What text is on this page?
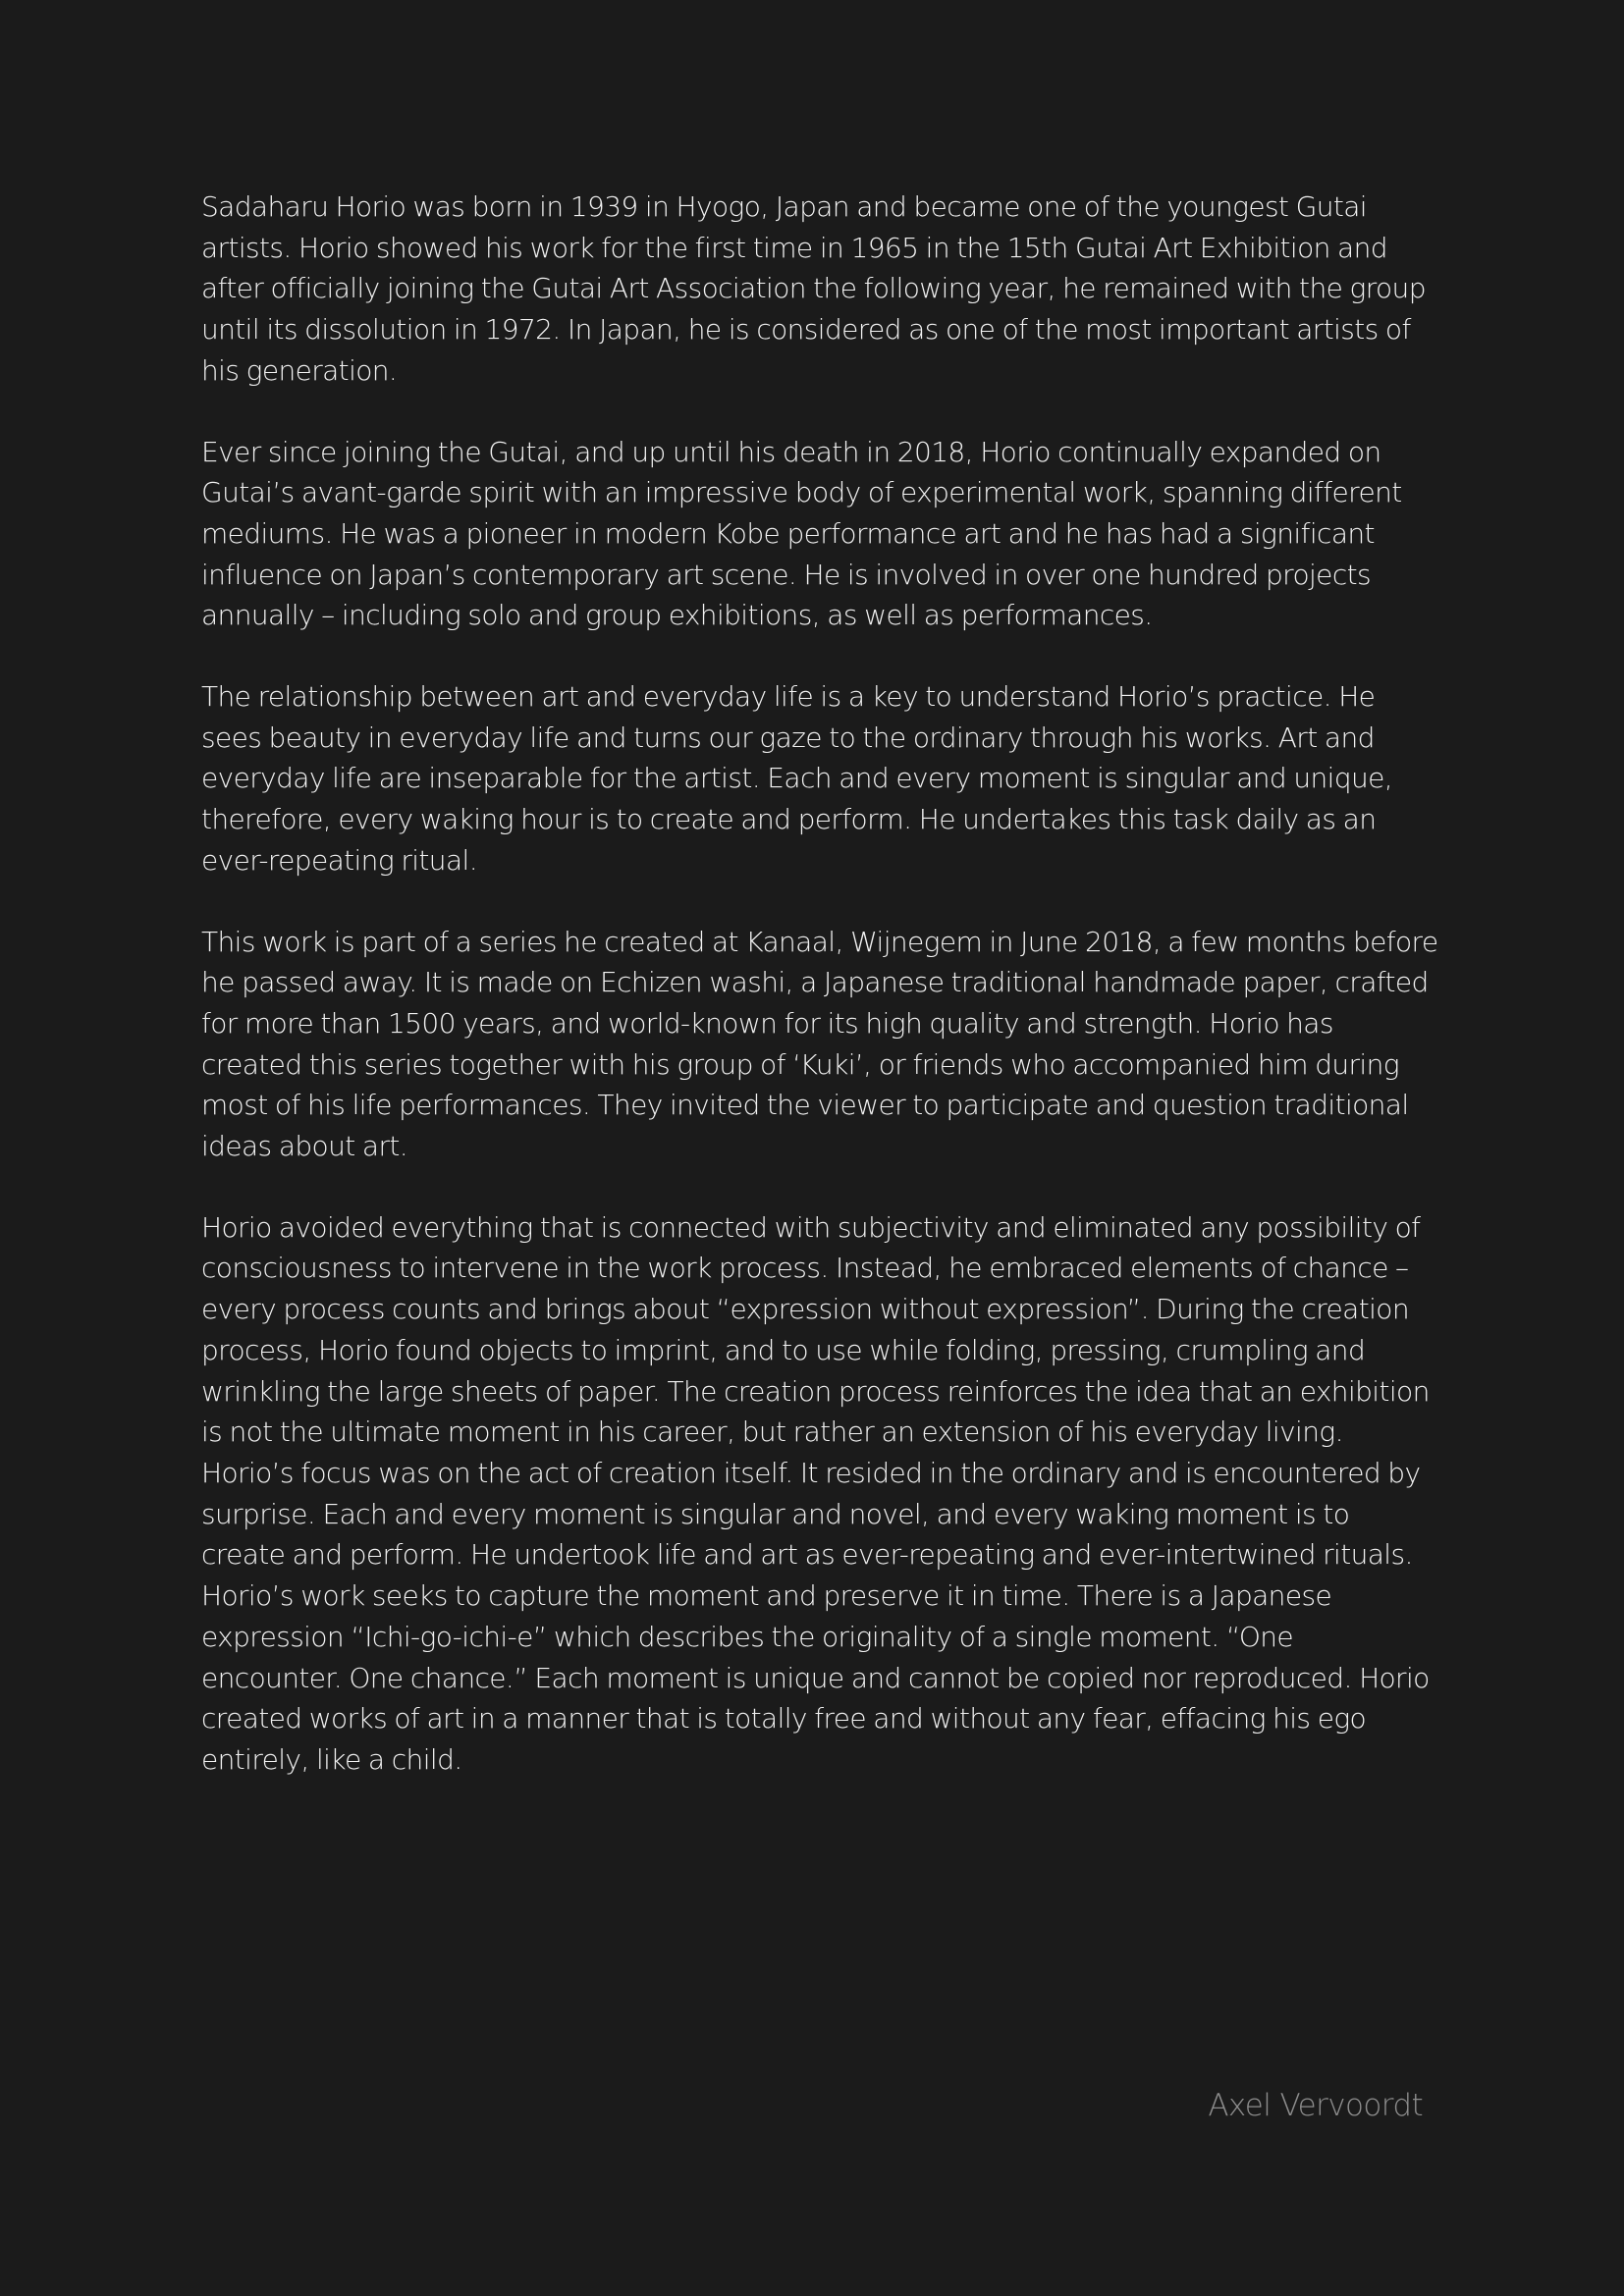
Sadaharu Horio was born in 1939 in Hyogo, Japan and became one of the youngest Gutai artists. Horio showed his work for the first time in 1965 in the 15th Gutai Art Exhibition and after officially joining the Gutai Art Association the following year, he remained with the group until its dissolution in 1972. In Japan, he is considered as one of the most important artists of his generation.

Ever since joining the Gutai, and up until his death in 2018, Horio continually expanded on Gutai’s avant-garde spirit with an impressive body of experimental work, spanning different mediums. He was a pioneer in modern Kobe performance art and he has had a significant influence on Japan’s contemporary art scene. He is involved in over one hundred projects annually – including solo and group exhibitions, as well as performances.

The relationship between art and everyday life is a key to understand Horio’s practice. He sees beauty in everyday life and turns our gaze to the ordinary through his works. Art and everyday life are inseparable for the artist. Each and every moment is singular and unique, therefore, every waking hour is to create and perform. He undertakes this task daily as an ever-repeating ritual.

This work is part of a series he created at Kanaal, Wijnegem in June 2018, a few months before he passed away. It is made on Echizen washi, a Japanese traditional handmade paper, crafted for more than 1500 years, and world-known for its high quality and strength. Horio has created this series together with his group of ‘Kuki’, or friends who accompanied him during most of his life performances. They invited the viewer to participate and question traditional ideas about art.

Horio avoided everything that is connected with subjectivity and eliminated any possibility of consciousness to intervene in the work process. Instead, he embraced elements of chance – every process counts and brings about “expression without expression”. During the creation process, Horio found objects to imprint, and to use while folding, pressing, crumpling and wrinkling the large sheets of paper. The creation process reinforces the idea that an exhibition is not the ultimate moment in his career, but rather an extension of his everyday living. Horio’s focus was on the act of creation itself. It resided in the ordinary and is encountered by surprise. Each and every moment is singular and novel, and every waking moment is to create and perform. He undertook life and art as ever-repeating and ever-intertwined rituals. Horio’s work seeks to capture the moment and preserve it in time. There is a Japanese expression “Ichi-go-ichi-e” which describes the originality of a single moment. “One encounter. One chance.” Each moment is unique and cannot be copied nor reproduced. Horio created works of art in a manner that is totally free and without any fear, effacing his ego entirely, like a child.

Axel Vervoordt
